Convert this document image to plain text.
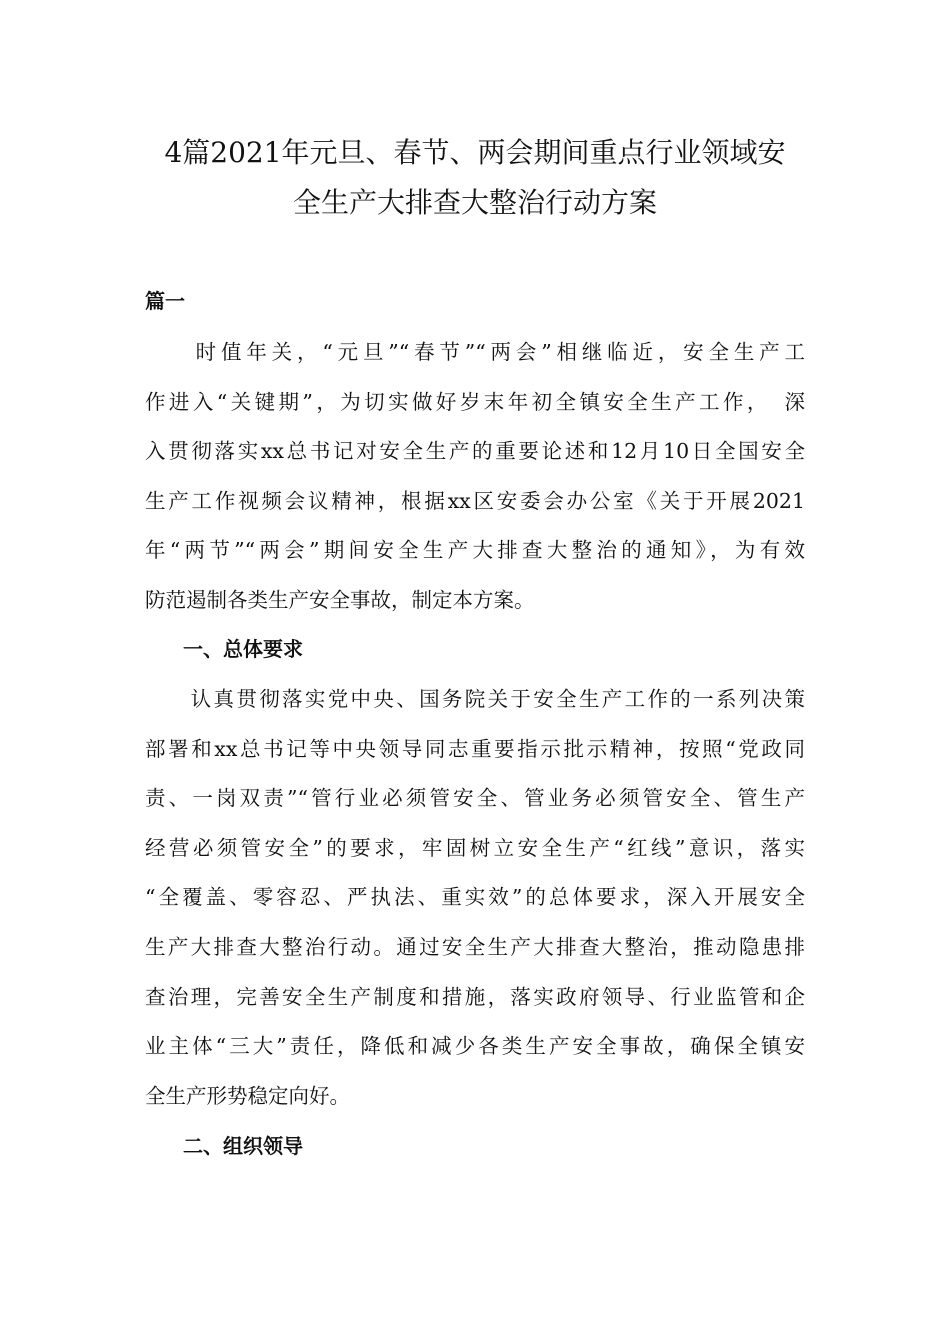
4篇2021年元旦、春节、两会期间重点行业领域安
全生产大排查大整治行动方案
篇一
　　时值年关，“元旦”“春节”“两会”相继临近，安全生产工
作进入“关键期”，为切实做好岁末年初全镇安全生产工作，　深
入贯彻落实xx总书记对安全生产的重要论述和12月10日全国安全
生产工作视频会议精神，根据xx区安委会办公室《关于开展2021
年“两节”“两会”期间安全生产大排查大整治的通知》，为有效
防范遏制各类生产安全事故，制定本方案。
一、总体要求
　　认真贯彻落实党中央、国务院关于安全生产工作的一系列决策
部署和xx总书记等中央领导同志重要指示批示精神，按照“党政同
责、一岗双责”“管行业必须管安全、管业务必须管安全、管生产
经营必须管安全”的要求，牢固树立安全生产“红线”意识，落实
“全覆盖、零容忍、严执法、重实效”的总体要求，深入开展安全
生产大排查大整治行动。通过安全生产大排查大整治，推动隐患排
查治理，完善安全生产制度和措施，落实政府领导、行业监管和企
业主体“三大”责任，降低和减少各类生产安全事故，确保全镇安
全生产形势稳定向好。
二、组织领导
